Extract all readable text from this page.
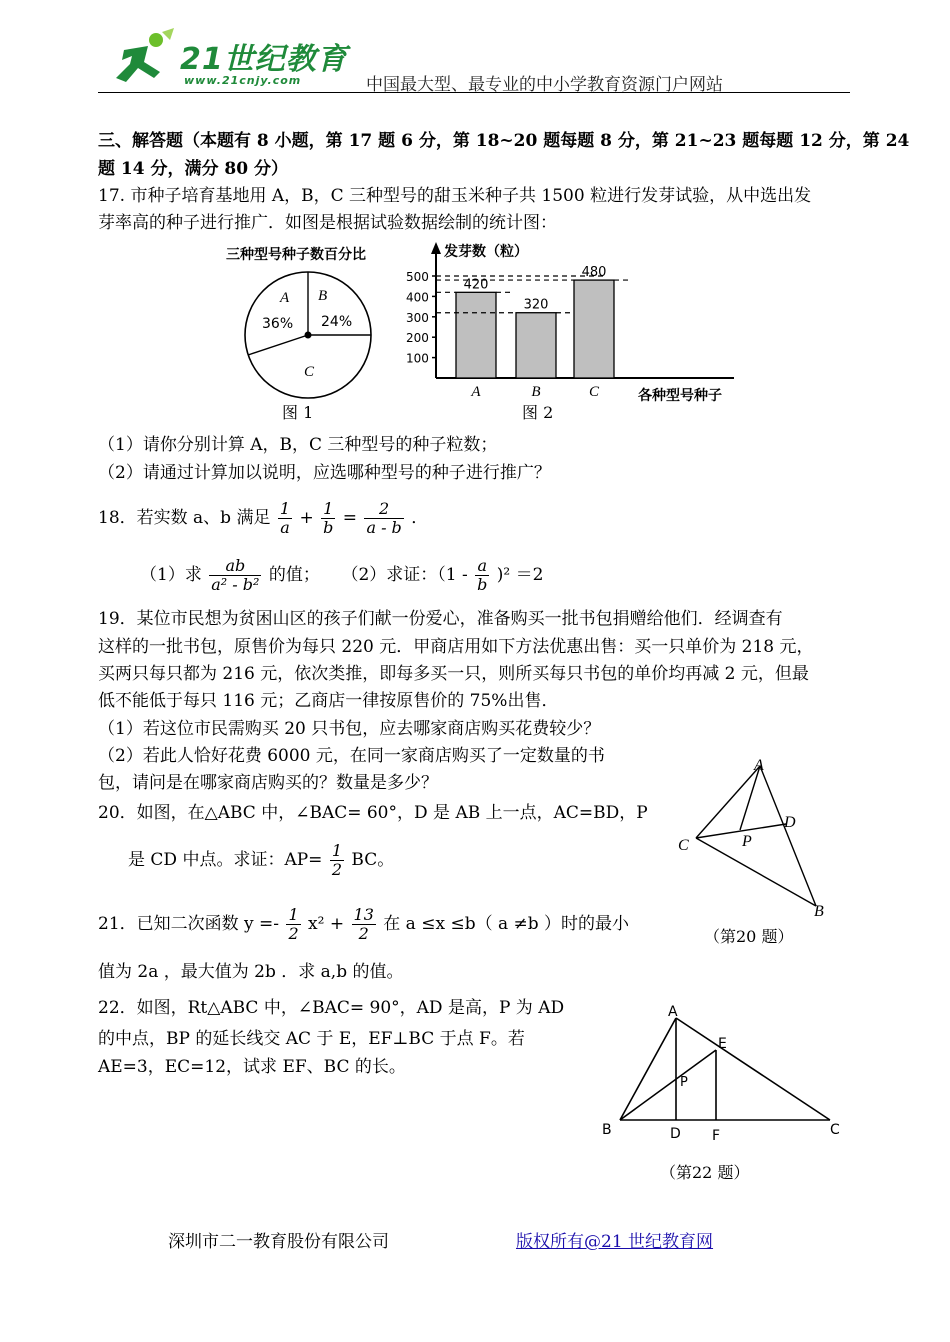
21世纪教育
www.21cnjy.com	中国最大型、最专业的中小学教育资源门户网站
三、解答题（本题有 8 小题，第 17 题 6 分，第 18~20 题每题 8 分，第 21~23 题每题 12 分，第 24
题 14 分，满分 80 分）
17. 市种子培育基地用 A，B，C 三种型号的甜玉米种子共 1500 粒进行发芽试验，从中选出发
芽率高的种子进行推广．如图是根据试验数据绘制的统计图：
三种型号种子数百分比
A
36%
B
24%
C
图 1
发芽数（粒）
各种型号种子
500
400
300
200
100
420
A
320
B
480
C
图 2
（1）请你分别计算 A，B，C 三种型号的种子粒数；
（2）请通过计算加以说明，应选哪种型号的种子进行推广？
18．若实数 a、b 满足 $\frac{1}{a} + \frac{1}{b} = \frac{2}{a - b}$ ．
（1）求 $\frac{ab}{\text{a² - b²}}$ 的值； （2）求证：$(1 - \frac{a}{b} )^2 =2$
19．某位市民想为贫困山区的孩子们献一份爱心，准备购买一批书包捐赠给他们．经调查有
这样的一批书包，原售价为每只 220 元．甲商店用如下方法优惠出售：买一只单价为 218 元，
买两只每只都为 216 元，依次类推，即每多买一只，则所买每只书包的单价均再减 2 元，但最
低不能低于每只 116 元；乙商店一律按原售价的 75%出售．
（1）若这位市民需购买 20 只书包，应去哪家商店购买花费较少？
（2）若此人恰好花费 6000 元，在同一家商店购买了一定数量的书
包，请问是在哪家商店购买的？数量是多少？
20．如图，在△ABC 中，∠BAC= 60°，D 是 AB 上一点，AC=BD，P
是 CD 中点。求证：$AP= \frac{1}{2}$ BC。
A
C
D
P
B
（第20 题）
21．已知二次函数 $y =- \frac{1}{2} x^2 + \frac{13}{2}$ 在 a ≤x ≤b（ a ≠b ）时的最小
值为 2a ，最大值为 2b ．求 a,b 的值。
22．如图，Rt△ABC 中，∠BAC= 90°，AD 是高，P 为 AD
的中点，BP 的延长线交 AC 于 E，EF⊥BC 于点 F。若
AE=3，EC=12，试求 EF、BC 的长。
A
E
P
B	D F	C
（第22 题）
深圳市二一教育股份有限公司	版权所有@21 世纪教育网
